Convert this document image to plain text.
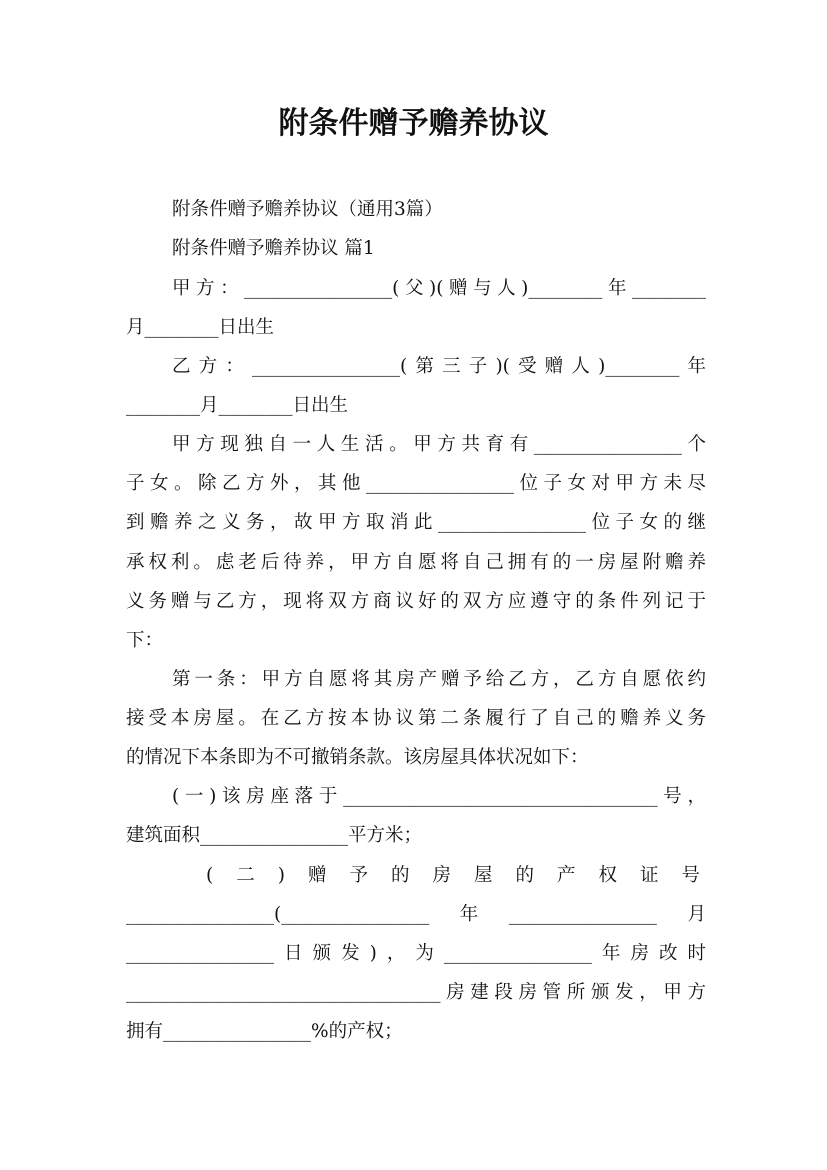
附条件赠予赡养协议
附条件赠予赡养协议（通用3篇）
附条件赠予赡养协议 篇1
甲方：________________(父)(赠与人)________年________
月________日出生
乙方：________________(第三子)(受赠人)________年
________月________日出生
甲方现独自一人生活。甲方共育有________________个
子女。除乙方外，其他________________位子女对甲方未尽
到赡养之义务，故甲方取消此________________位子女的继
承权利。虑老后待养，甲方自愿将自己拥有的一房屋附赡养
义务赠与乙方，现将双方商议好的双方应遵守的条件列记于
下：
第一条：甲方自愿将其房产赠予给乙方，乙方自愿依约
接受本房屋。在乙方按本协议第二条履行了自己的赡养义务
的情况下本条即为不可撤销条款。该房屋具体状况如下：
(一)该房座落于__________________________________号，
建筑面积________________平方米；
(二)赠予的房屋的产权证号
________________(________________年________________月
________________日颁发)，为________________年房改时
__________________________________房建段房管所颁发，甲方
拥有________________%的产权；
